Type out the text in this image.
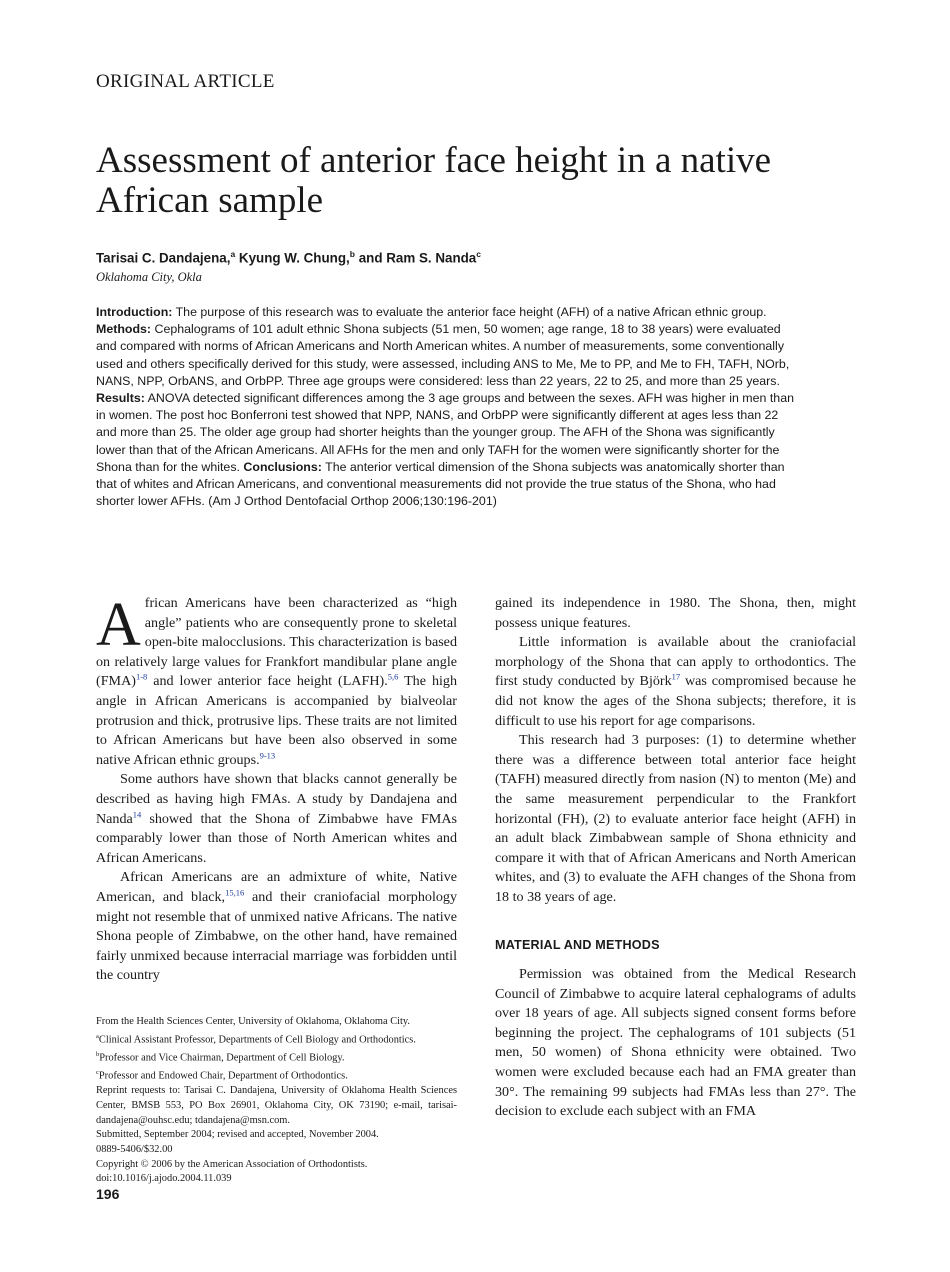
ORIGINAL ARTICLE
Assessment of anterior face height in a native African sample
Tarisai C. Dandajena,$^a$ Kyung W. Chung,$^b$ and Ram S. Nanda$^c$
Oklahoma City, Okla
Introduction: The purpose of this research was to evaluate the anterior face height (AFH) of a native African ethnic group. Methods: Cephalograms of 101 adult ethnic Shona subjects (51 men, 50 women; age range, 18 to 38 years) were evaluated and compared with norms of African Americans and North American whites. A number of measurements, some conventionally used and others specifically derived for this study, were assessed, including ANS to Me, Me to PP, and Me to FH, TAFH, NOrb, NANS, NPP, OrbANS, and OrbPP. Three age groups were considered: less than 22 years, 22 to 25, and more than 25 years. Results: ANOVA detected significant differences among the 3 age groups and between the sexes. AFH was higher in men than in women. The post hoc Bonferroni test showed that NPP, NANS, and OrbPP were significantly different at ages less than 22 and more than 25. The older age group had shorter heights than the younger group. The AFH of the Shona was significantly lower than that of the African Americans. All AFHs for the men and only TAFH for the women were significantly shorter for the Shona than for the whites. Conclusions: The anterior vertical dimension of the Shona subjects was anatomically shorter than that of whites and African Americans, and conventional measurements did not provide the true status of the Shona, who had shorter lower AFHs. (Am J Orthod Dentofacial Orthop 2006;130:196-201)

African Americans have been characterized as “high angle” patients who are consequently prone to skeletal open-bite malocclusions. This characterization is based on relatively large values for Frankfort mandibular plane angle (FMA)$^{1-8}$ and lower anterior face height (LAFH).$^{5,6}$ The high angle in African Americans is accompanied by bialveolar protrusion and thick, protrusive lips. These traits are not limited to African Americans but have been also observed in some native African ethnic groups.$^{9-13}$

Some authors have shown that blacks cannot generally be described as having high FMAs. A study by Dandajena and Nanda$^{14}$ showed that the Shona of Zimbabwe have FMAs comparably lower than those of North American whites and African Americans.

African Americans are an admixture of white, Native American, and black,$^{15,16}$ and their craniofacial morphology might not resemble that of unmixed native Africans. The native Shona people of Zimbabwe, on the other hand, have remained fairly unmixed because interracial marriage was forbidden until the country

gained its independence in 1980. The Shona, then, might possess unique features.

Little information is available about the craniofacial morphology of the Shona that can apply to orthodontics. The first study conducted by Björk$^{17}$ was compromised because he did not know the ages of the Shona subjects; therefore, it is difficult to use his report for age comparisons.

This research had 3 purposes: (1) to determine whether there was a difference between total anterior face height (TAFH) measured directly from nasion (N) to menton (Me) and the same measurement perpendicular to the Frankfort horizontal (FH), (2) to evaluate anterior face height (AFH) in an adult black Zimbabwean sample of Shona ethnicity and compare it with that of African Americans and North American whites, and (3) to evaluate the AFH changes of the Shona from 18 to 38 years of age.

MATERIAL AND METHODS

Permission was obtained from the Medical Research Council of Zimbabwe to acquire lateral cephalograms of adults over 18 years of age. All subjects signed consent forms before beginning the project. The cephalograms of 101 subjects (51 men, 50 women) of Shona ethnicity were obtained. Two women were excluded because each had an FMA greater than 30°. The remaining 99 subjects had FMAs less than 27°. The decision to exclude each subject with an FMA

From the Health Sciences Center, University of Oklahoma, Oklahoma City.
$^a$Clinical Assistant Professor, Departments of Cell Biology and Orthodontics.
$^b$Professor and Vice Chairman, Department of Cell Biology.
$^c$Professor and Endowed Chair, Department of Orthodontics.
Reprint requests to: Tarisai C. Dandajena, University of Oklahoma Health Sciences Center, BMSB 553, PO Box 26901, Oklahoma City, OK 73190; e-mail, tarisai-dandajena@ouhsc.edu; tdandajena@msn.com.
Submitted, September 2004; revised and accepted, November 2004.
0889-5406/$32.00
Copyright © 2006 by the American Association of Orthodontists.
doi:10.1016/j.ajodo.2004.11.039
196
